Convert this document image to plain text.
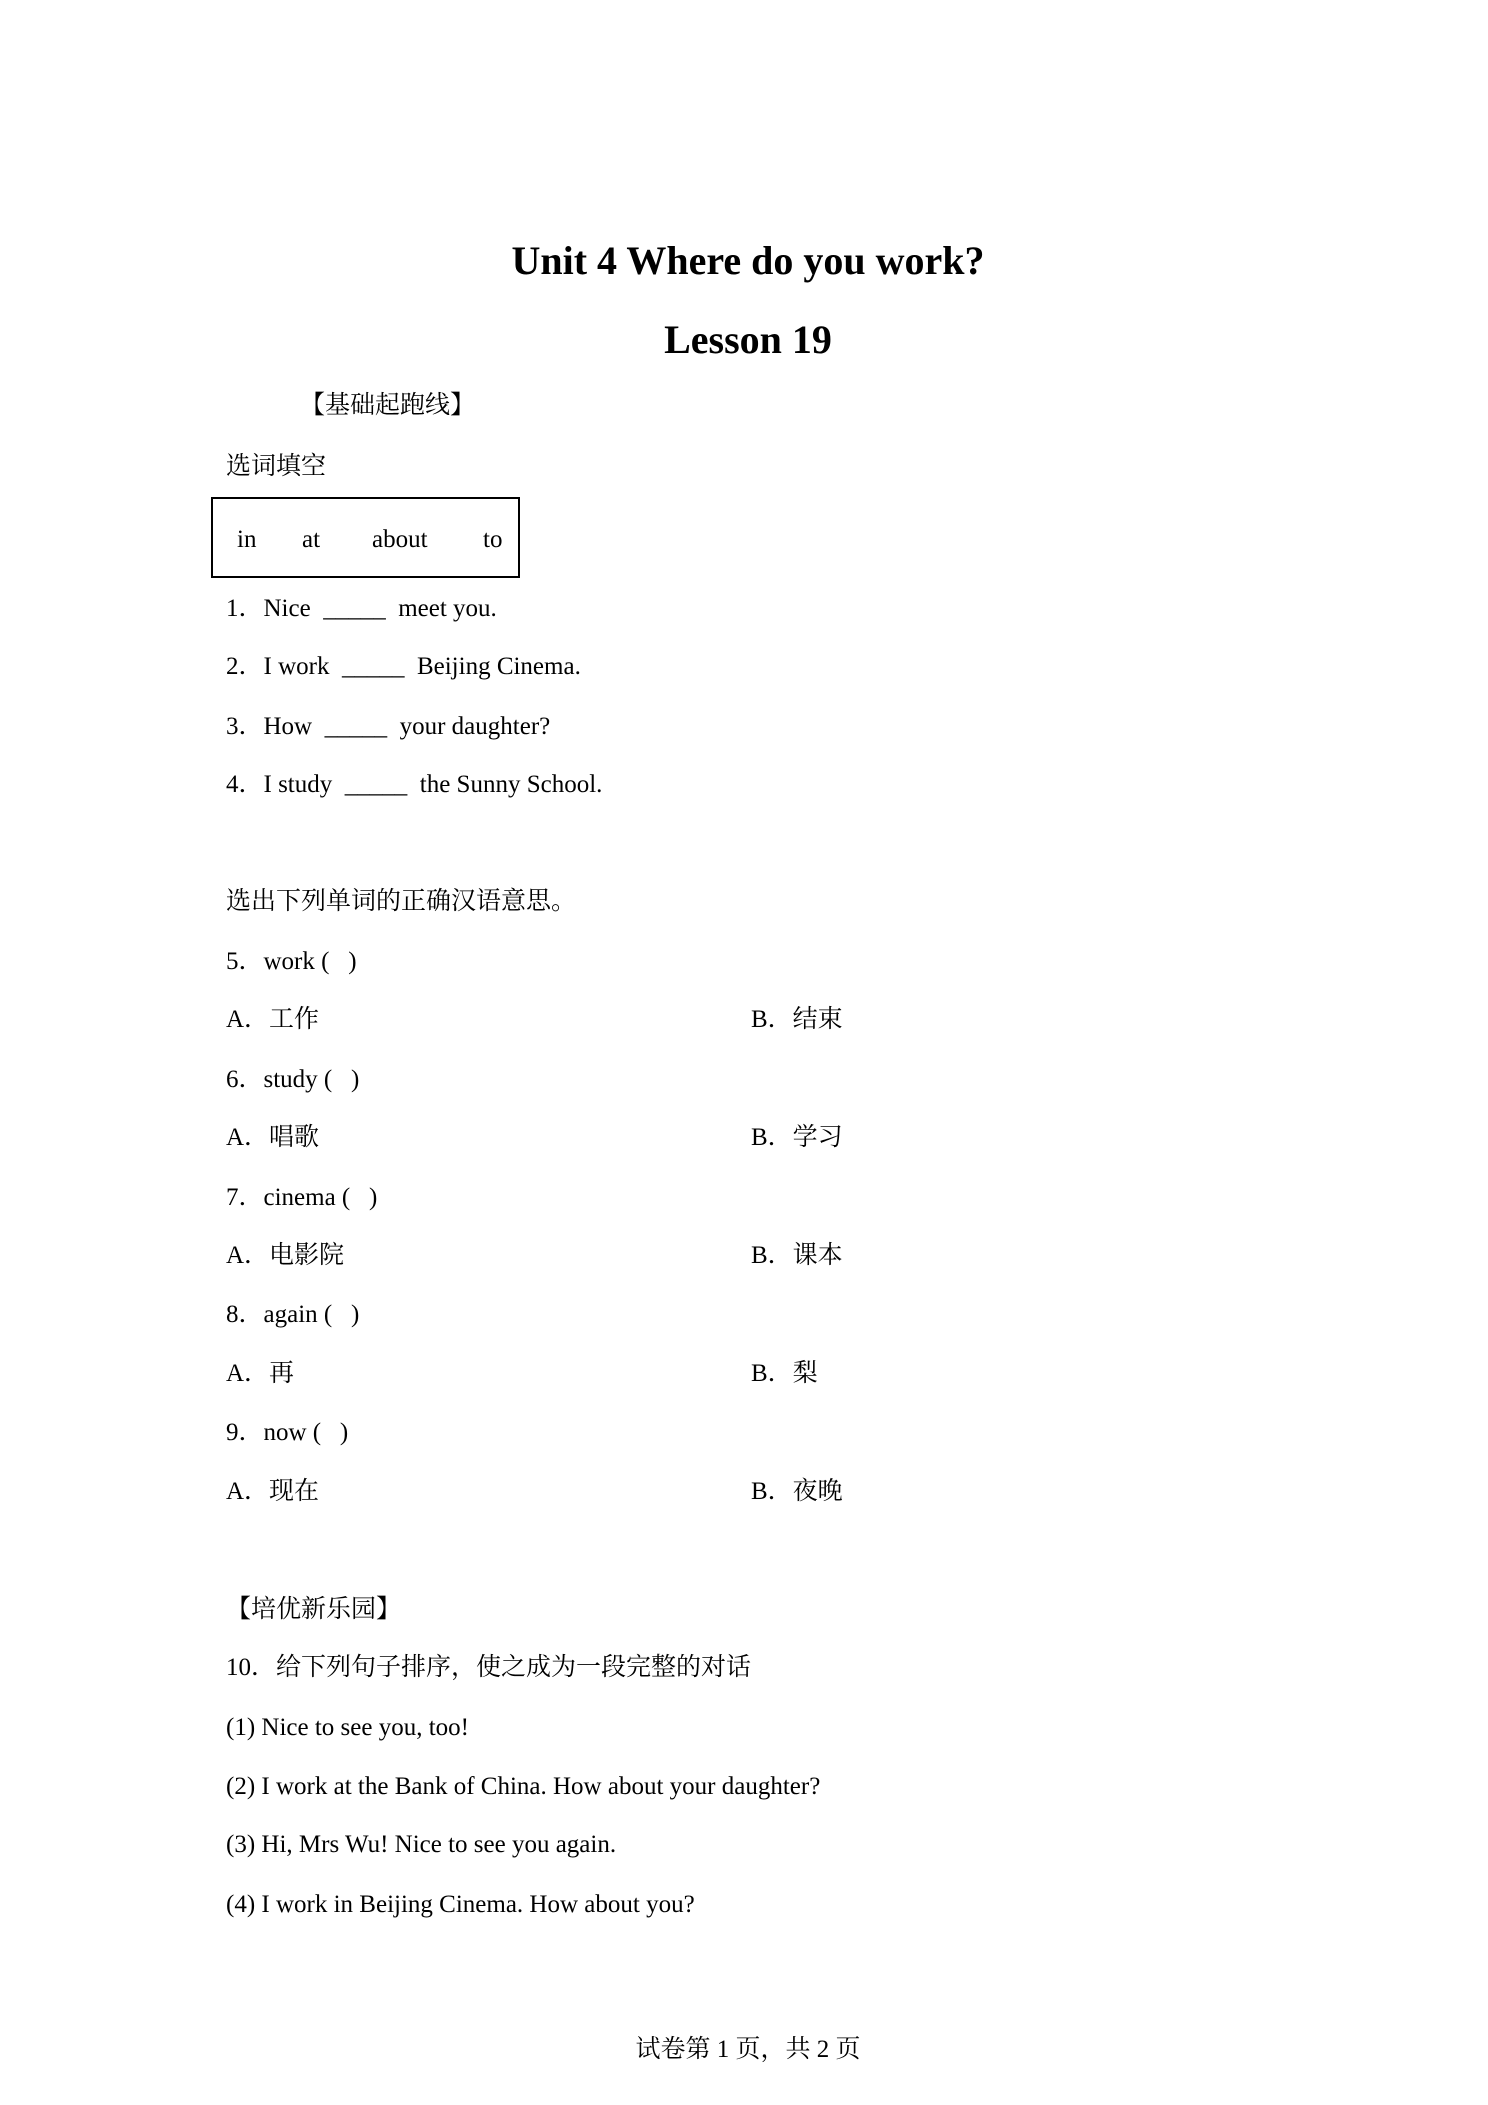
Unit 4 Where do you work?
Lesson 19
【基础起跑线】
选词填空
in at about to
1．Nice  _____  meet you.
2．I work  _____  Beijing Cinema.
3．How  _____  your daughter?
4．I study  _____  the Sunny School.
选出下列单词的正确汉语意思。
5．work (   )
A．工作	B．结束
6．study (   )
A．唱歌	B．学习
7．cinema (   )
A．电影院	B．课本
8．again (   )
A．再	B．梨
9．now (   )
A．现在	B．夜晚
【培优新乐园】
10．给下列句子排序，使之成为一段完整的对话
(1) Nice to see you, too!
(2) I work at the Bank of China. How about your daughter?
(3) Hi, Mrs Wu! Nice to see you again.
(4) I work in Beijing Cinema. How about you?
试卷第 1 页，共 2 页
